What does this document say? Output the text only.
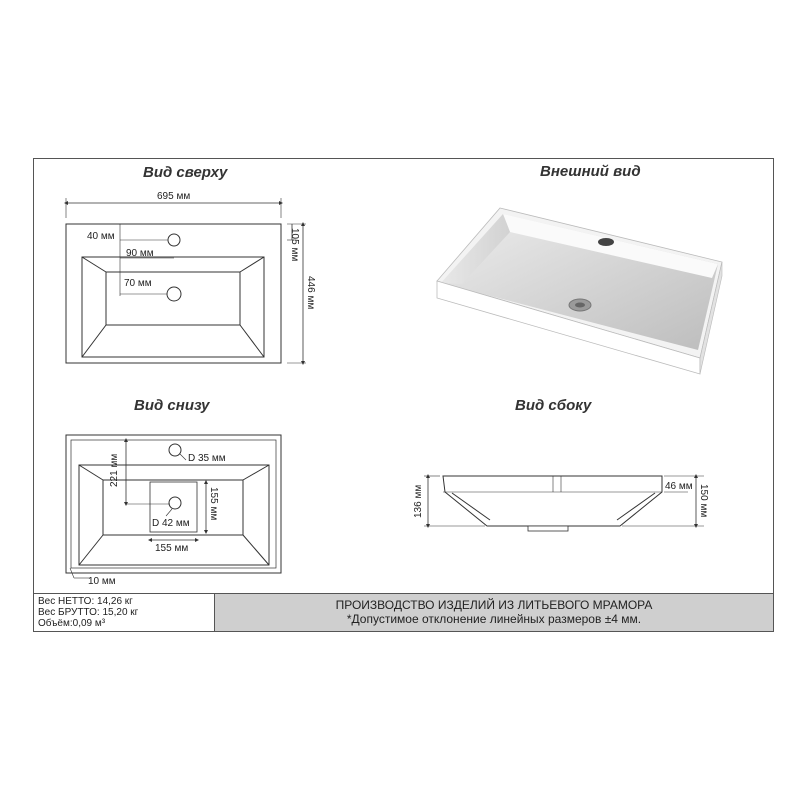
Вид сверху	Внешний вид
Вид снизу	Вид сбоку
695 мм
40 мм
90 мм
70 мм
105 мм
446 мм
D 35 мм
221 мм
155 мм
D 42 мм
155 мм
10 мм
136 мм	46 мм 150 мм
Вес НЕТТО: 14,26 кг
Вес БРУТТО: 15,20 кг
Объём:0,09 м³
ПРОИЗВОДСТВО ИЗДЕЛИЙ ИЗ ЛИТЬЕВОГО МРАМОРА
*Допустимое отклонение линейных размеров ±4 мм.
